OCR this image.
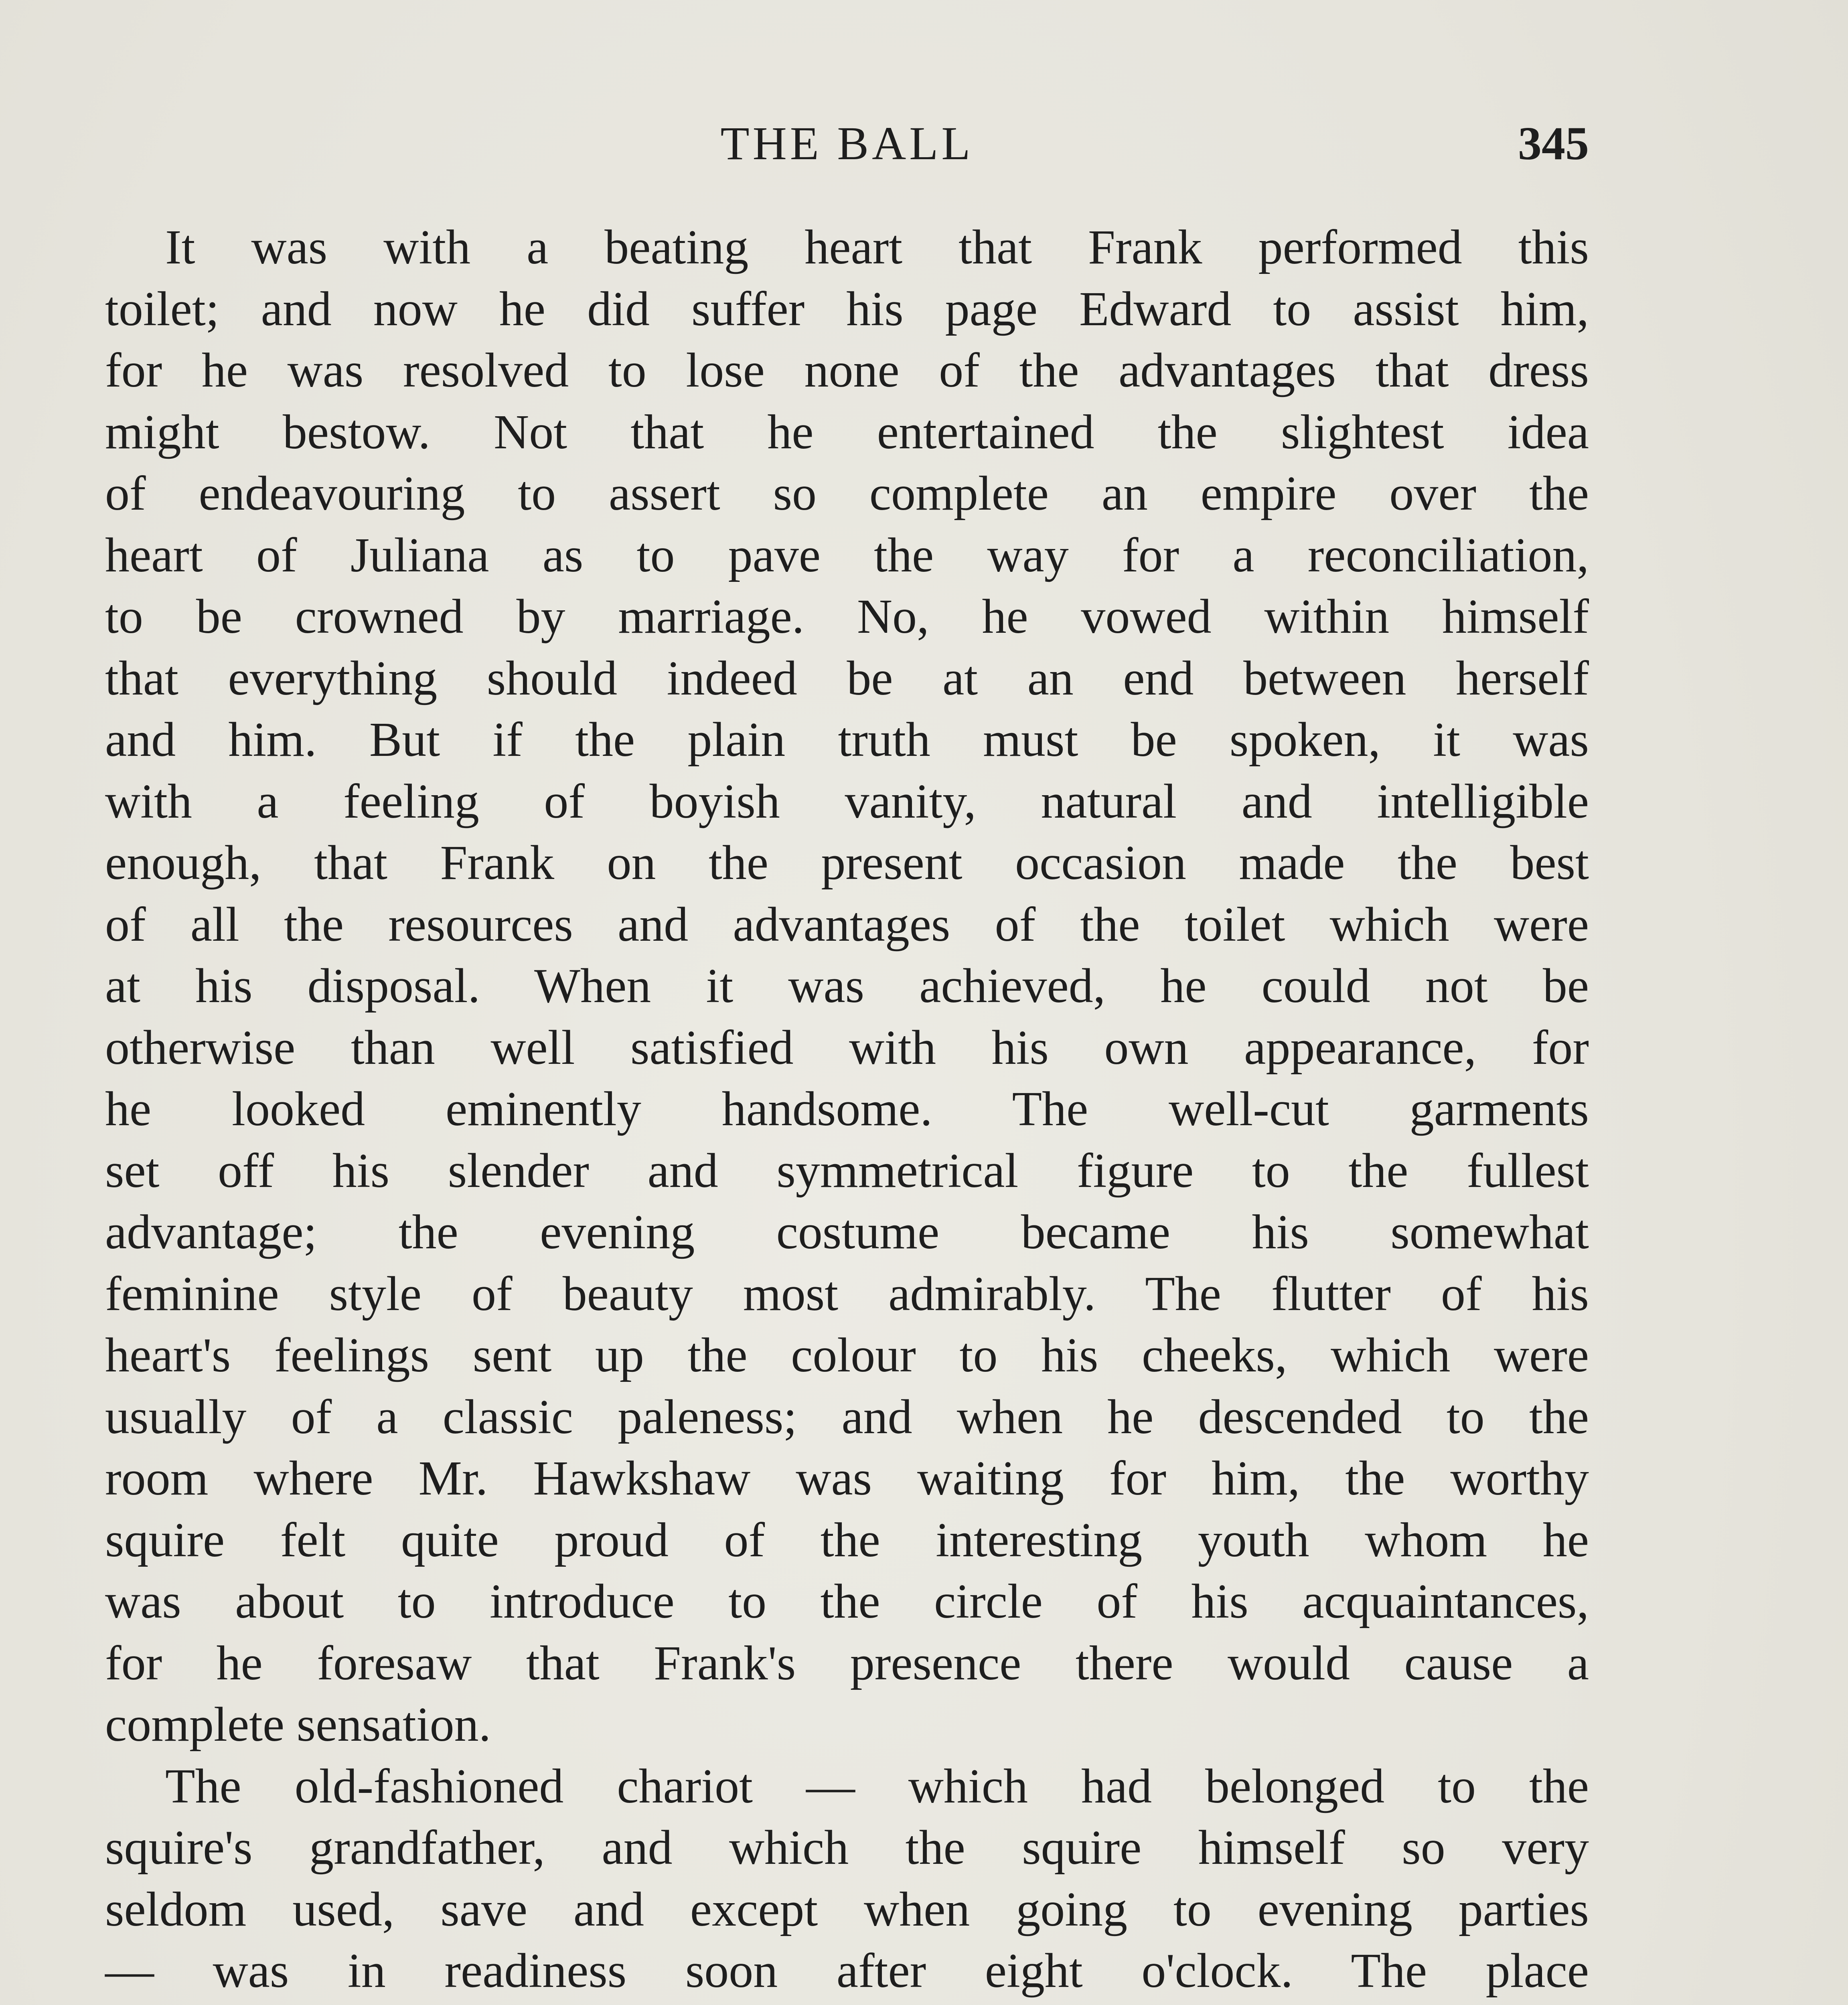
THE BALL	345
It was with a beating heart that Frank performed this
toilet; and now he did suffer his page Edward to assist him,
for he was resolved to lose none of the advantages that dress
might bestow. Not that he entertained the slightest idea
of endeavouring to assert so complete an empire over the
heart of Juliana as to pave the way for a reconciliation,
to be crowned by marriage. No, he vowed within himself
that everything should indeed be at an end between herself
and him. But if the plain truth must be spoken, it was
with a feeling of boyish vanity, natural and intelligible
enough, that Frank on the present occasion made the best
of all the resources and advantages of the toilet which were
at his disposal. When it was achieved, he could not be
otherwise than well satisfied with his own appearance, for
he looked eminently handsome. The well-cut garments
set off his slender and symmetrical figure to the fullest
advantage; the evening costume became his somewhat
feminine style of beauty most admirably. The flutter of his
heart's feelings sent up the colour to his cheeks, which were
usually of a classic paleness; and when he descended to the
room where Mr. Hawkshaw was waiting for him, the worthy
squire felt quite proud of the interesting youth whom he
was about to introduce to the circle of his acquaintances,
for he foresaw that Frank's presence there would cause a
complete sensation.
The old-fashioned chariot — which had belonged to the
squire's grandfather, and which the squire himself so very
seldom used, save and except when going to evening parties
— was in readiness soon after eight o'clock. The place
